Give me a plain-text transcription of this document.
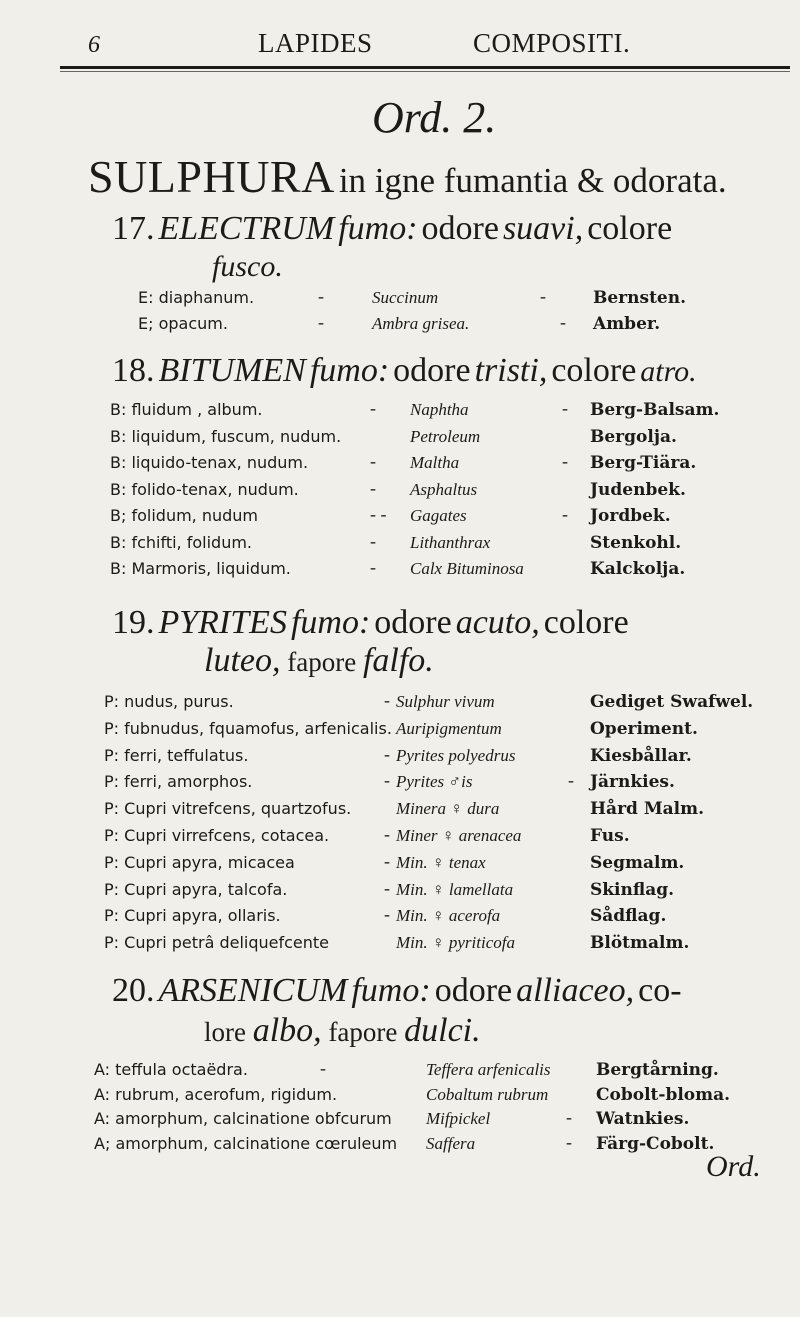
6	LAPIDES	COMPOSITI.
Ord. 2.
SULPHURA in igne fumantia & odorata.
17. ELECTRUM fumo: odore suavi, colore
fusco.
E: diaphanum.	-	Succinum	-	Bernsten.
E; opacum.	-	Ambra grisea.	- Amber.
18. BITUMEN fumo: odore tristi, colore atro.
B: fluidum , album.	- Naphtha	- Berg-Balsam.
B: liquidum, fuscum, nudum.	Petroleum	Bergolja.
B: liquido-tenax, nudum.	- Maltha	- Berg-Tiära.
B: folido-tenax, nudum.	- Asphaltus	Judenbek.
B; folidum, nudum	- - Gagates	- Jordbek.
B: fchifti, folidum.	- Lithanthrax	Stenkohl.
B: Marmoris, liquidum.	- Calx Bituminosa	Kalckolja.
19. PYRITES fumo: odore acuto, colore
luteo, fapore falfo.
P: nudus, purus.	- Sulphur vivum	Gediget Swafwel.
P: fubnudus, fquamofus, arfenicalis. Auripigmentum	Operiment.
P: ferri, teffulatus.	- Pyrites polyedrus	Kiesbållar.
P: ferri, amorphos.	- Pyrites ♂is	- Järnkies.
P: Cupri vitrefcens, quartzofus.	Minera ♀ dura	Hård Malm.
P: Cupri virrefcens, cotacea.	- Miner ♀ arenacea	Fus.
P: Cupri apyra, micacea	- Min. ♀ tenax	Segmalm.
P: Cupri apyra, talcofa.	- Min. ♀ lamellata	Skinflag.
P: Cupri apyra, ollaris.	- Min. ♀ acerofa	Sådflag.
P: Cupri petrâ deliquefcente	Min. ♀ pyriticofa	Blötmalm.
20. ARSENICUM fumo: odore alliaceo, co-
lore albo, fapore dulci.
A: teffula octaëdra.	-	Teffera arfenicalis	Bergtårning.
A: rubrum, acerofum, rigidum.	Cobaltum rubrum	Cobolt-bloma.
A: amorphum, calcinatione obfcurum Mifpickel	- Watnkies.
A; amorphum, calcinatione cœruleum Saffera	- Färg-Cobolt.
Ord.
